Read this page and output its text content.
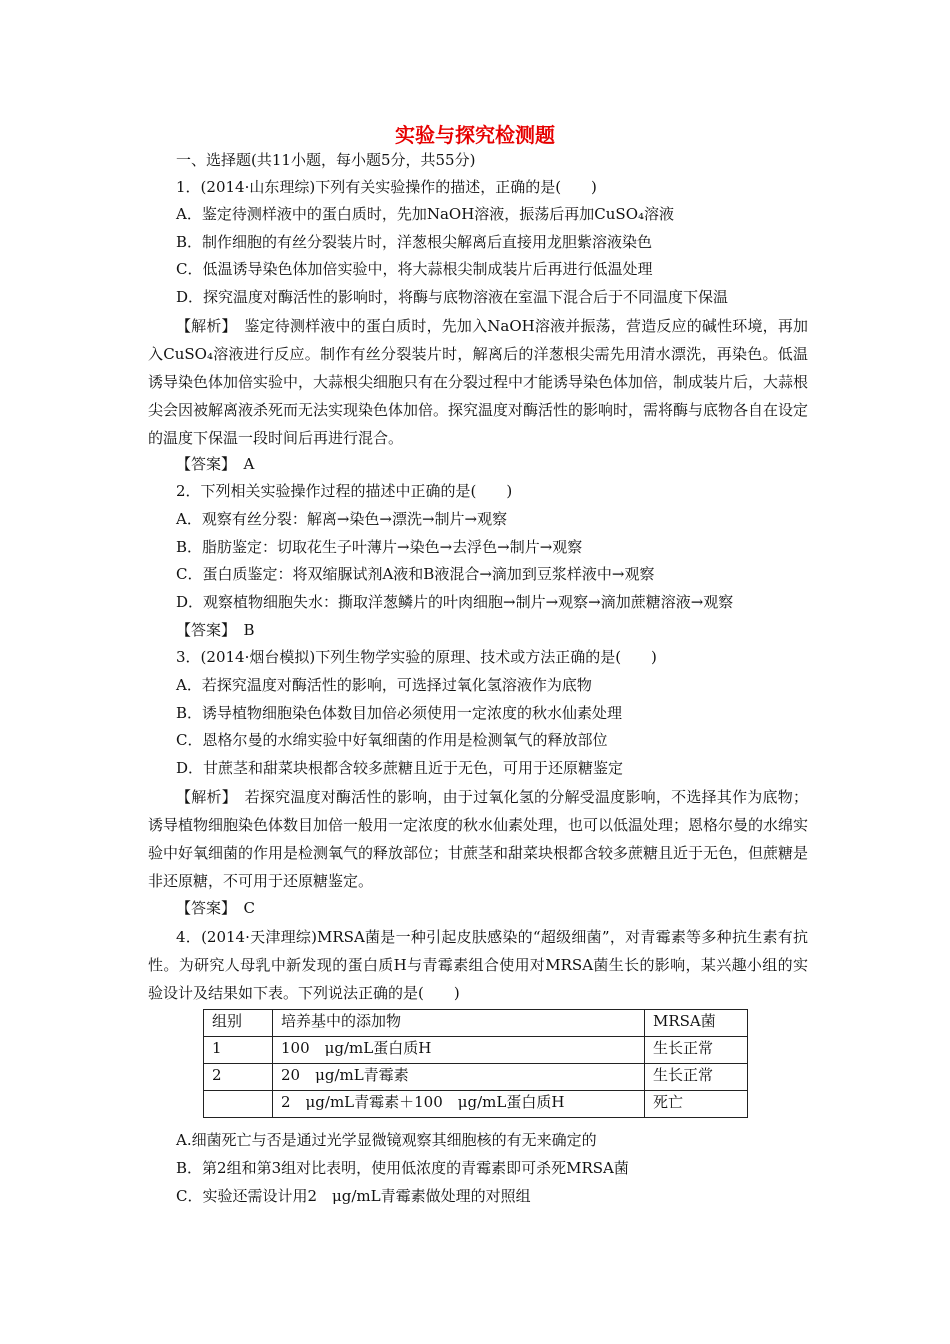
实验与探究检测题
一、选择题(共11小题，每小题5分，共55分)
1．(2014·山东理综)下列有关实验操作的描述，正确的是(　　)
A．鉴定待测样液中的蛋白质时，先加NaOH溶液，振荡后再加CuSO₄溶液
B．制作细胞的有丝分裂装片时，洋葱根尖解离后直接用龙胆紫溶液染色
C．低温诱导染色体加倍实验中，将大蒜根尖制成装片后再进行低温处理
D．探究温度对酶活性的影响时，将酶与底物溶液在室温下混合后于不同温度下保温
【解析】　鉴定待测样液中的蛋白质时，先加入NaOH溶液并振荡，营造反应的碱性环境，再加入CuSO₄溶液进行反应。制作有丝分裂装片时，解离后的洋葱根尖需先用清水漂洗，再染色。低温诱导染色体加倍实验中，大蒜根尖细胞只有在分裂过程中才能诱导染色体加倍，制成装片后，大蒜根尖会因被解离液杀死而无法实现染色体加倍。探究温度对酶活性的影响时，需将酶与底物各自在设定的温度下保温一段时间后再进行混合。
【答案】　A
2．下列相关实验操作过程的描述中正确的是(　　)
A．观察有丝分裂：解离→染色→漂洗→制片→观察
B．脂肪鉴定：切取花生子叶薄片→染色→去浮色→制片→观察
C．蛋白质鉴定：将双缩脲试剂A液和B液混合→滴加到豆浆样液中→观察
D．观察植物细胞失水：撕取洋葱鳞片的叶肉细胞→制片→观察→滴加蔗糖溶液→观察
【答案】　B
3．(2014·烟台模拟)下列生物学实验的原理、技术或方法正确的是(　　)
A．若探究温度对酶活性的影响，可选择过氧化氢溶液作为底物
B．诱导植物细胞染色体数目加倍必须使用一定浓度的秋水仙素处理
C．恩格尔曼的水绵实验中好氧细菌的作用是检测氧气的释放部位
D．甘蔗茎和甜菜块根都含较多蔗糖且近于无色，可用于还原糖鉴定
【解析】　若探究温度对酶活性的影响，由于过氧化氢的分解受温度影响，不选择其作为底物；诱导植物细胞染色体数目加倍一般用一定浓度的秋水仙素处理，也可以低温处理；恩格尔曼的水绵实验中好氧细菌的作用是检测氧气的释放部位；甘蔗茎和甜菜块根都含较多蔗糖且近于无色，但蔗糖是非还原糖，不可用于还原糖鉴定。
【答案】　C
4．(2014·天津理综)MRSA菌是一种引起皮肤感染的“超级细菌”，对青霉素等多种抗生素有抗性。为研究人母乳中新发现的蛋白质H与青霉素组合使用对MRSA菌生长的影响，某兴趣小组的实验设计及结果如下表。下列说法正确的是(　　)
组别	培养基中的添加物	MRSA菌
1	100　μg/mL蛋白质H	生长正常
2	20　μg/mL青霉素	生长正常
	2　μg/mL青霉素＋100　μg/mL蛋白质H	死亡
A.细菌死亡与否是通过光学显微镜观察其细胞核的有无来确定的
B．第2组和第3组对比表明，使用低浓度的青霉素即可杀死MRSA菌
C．实验还需设计用2　μg/mL青霉素做处理的对照组
